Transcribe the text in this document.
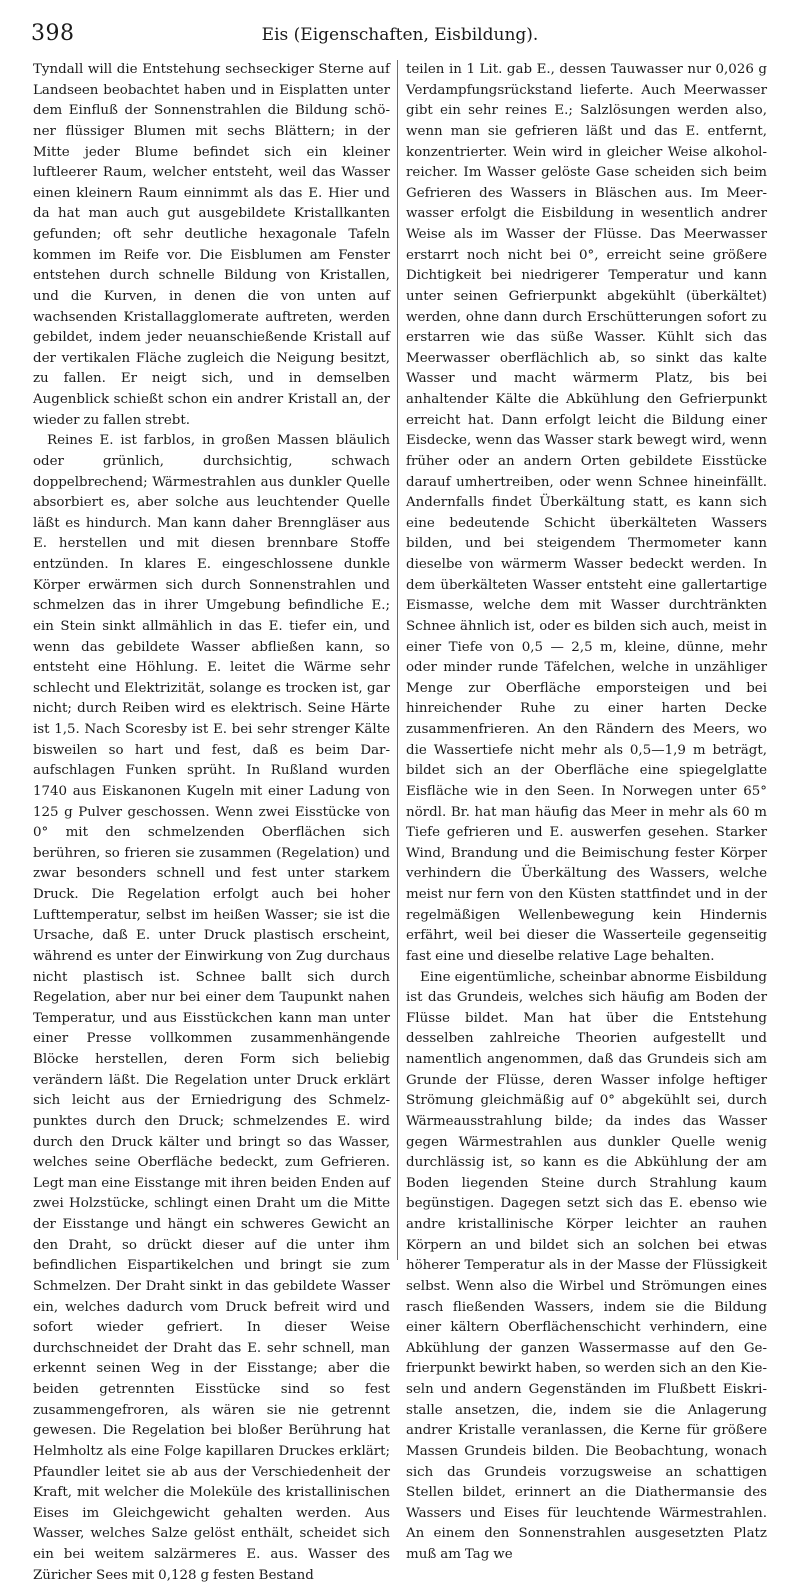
398	Eis (Eigenschaften, Eisbildung).

Tyndall will die Entstehung sechseckiger Sterne auf Landseen beobachtet haben und in Eisplatten unter dem Einfluß der Sonnenstrahlen die Bildung schöner flüssiger Blumen mit sechs Blättern; in der Mitte jeder Blume befindet sich ein kleiner luftleerer Raum, welcher entsteht, weil das Wasser einen kleinern Raum einnimmt als das E. Hier und da hat man auch gut ausgebildete Kristallkanten gefunden; oft sehr deutliche hexagonale Tafeln kommen im Reife vor. Die Eisblumen am Fenster entstehen durch schnelle Bildung von Kristallen, und die Kurven, in denen die von unten auf wachsenden Kristallagglomerate auftreten, werden gebildet, indem jeder neuanschießende Kristall auf der vertikalen Fläche zugleich die Neigung besitzt, zu fallen. Er neigt sich, und in demselben Augenblick schießt schon ein andrer Kristall an, der wieder zu fallen strebt.

Reines E. ist farblos, in großen Massen bläulich oder grünlich, durchsichtig, schwach doppelbrechend; Wärmestrahlen aus dunkler Quelle absorbiert es, aber solche aus leuchtender Quelle läßt es hindurch. Man kann daher Brenngläser aus E. herstellen und mit diesen brennbare Stoffe entzünden. In klares E. eingeschlossene dunkle Körper erwärmen sich durch Sonnenstrahlen und schmelzen das in ihrer Umgebung befindliche E.; ein Stein sinkt allmählich in das E. tiefer ein, und wenn das gebildete Wasser abfließen kann, so entsteht eine Höhlung. E. leitet die Wärme sehr schlecht und Elektrizität, solange es trocken ist, gar nicht; durch Reiben wird es elektrisch. Seine Härte ist 1,5. Nach Scoresby ist E. bei sehr strenger Kälte bisweilen so hart und fest, daß es beim Daraufschlagen Funken sprüht. In Rußland wurden 1740 aus Eiskanonen Kugeln mit einer Ladung von 125 g Pulver geschossen. Wenn zwei Eisstücke von 0° mit den schmelzenden Oberflächen sich berühren, so frieren sie zusammen (Regelation) und zwar besonders schnell und fest unter starkem Druck. Die Regelation erfolgt auch bei hoher Lufttemperatur, selbst im heißen Wasser; sie ist die Ursache, daß E. unter Druck plastisch erscheint, während es unter der Einwirkung von Zug durchaus nicht plastisch ist. Schnee ballt sich durch Regelation, aber nur bei einer dem Taupunkt nahen Temperatur, und aus Eisstückchen kann man unter einer Presse vollkommen zusammenhängende Blöcke herstellen, deren Form sich beliebig verändern läßt. Die Regelation unter Druck erklärt sich leicht aus der Erniedrigung des Schmelzpunktes durch den Druck; schmelzendes E. wird durch den Druck kälter und bringt so das Wasser, welches seine Oberfläche bedeckt, zum Gefrieren. Legt man eine Eisstange mit ihren beiden Enden auf zwei Holzstücke, schlingt einen Draht um die Mitte der Eisstange und hängt ein schweres Gewicht an den Draht, so drückt dieser auf die unter ihm befindlichen Eispartikelchen und bringt sie zum Schmelzen. Der Draht sinkt in das gebildete Wasser ein, welches dadurch vom Druck befreit wird und sofort wieder gefriert. In dieser Weise durchschneidet der Draht das E. sehr schnell, man erkennt seinen Weg in der Eisstange; aber die beiden getrennten Eisstücke sind so fest zusammengefroren, als wären sie nie getrennt gewesen. Die Regelation bei bloßer Berührung hat Helmholtz als eine Folge kapillaren Druckes erklärt; Pfaundler leitet sie ab aus der Verschiedenheit der Kraft, mit welcher die Moleküle des kristallinischen Eises im Gleichgewicht gehalten werden. Aus Wasser, welches Salze gelöst enthält, scheidet sich ein bei weitem salzärmeres E. aus. Wasser des Züricher Sees mit 0,128 g festen Bestand

teilen in 1 Lit. gab E., dessen Tauwasser nur 0,026 g Verdampfungsrückstand lieferte. Auch Meerwasser gibt ein sehr reines E.; Salzlösungen werden also, wenn man sie gefrieren läßt und das E. entfernt, konzentrierter. Wein wird in gleicher Weise alkoholreicher. Im Wasser gelöste Gase scheiden sich beim Gefrieren des Wassers in Bläschen aus. Im Meerwasser erfolgt die Eisbildung in wesentlich andrer Weise als im Wasser der Flüsse. Das Meerwasser erstarrt noch nicht bei 0°, erreicht seine größere Dichtigkeit bei niedrigerer Temperatur und kann unter seinen Gefrierpunkt abgekühlt (überkältet) werden, ohne dann durch Erschütterungen sofort zu erstarren wie das süße Wasser. Kühlt sich das Meerwasser oberflächlich ab, so sinkt das kalte Wasser und macht wärmerm Platz, bis bei anhaltender Kälte die Abkühlung den Gefrierpunkt erreicht hat. Dann erfolgt leicht die Bildung einer Eisdecke, wenn das Wasser stark bewegt wird, wenn früher oder an andern Orten gebildete Eisstücke darauf umhertreiben, oder wenn Schnee hineinfällt. Andernfalls findet Überkältung statt, es kann sich eine bedeutende Schicht überkälteten Wassers bilden, und bei steigendem Thermometer kann dieselbe von wärmerm Wasser bedeckt werden. In dem überkälteten Wasser entsteht eine gallertartige Eismasse, welche dem mit Wasser durchtränkten Schnee ähnlich ist, oder es bilden sich auch, meist in einer Tiefe von 0,5 — 2,5 m, kleine, dünne, mehr oder minder runde Täfelchen, welche in unzähliger Menge zur Oberfläche emporsteigen und bei hinreichender Ruhe zu einer harten Decke zusammenfrieren. An den Rändern des Meers, wo die Wassertiefe nicht mehr als 0,5—1,9 m beträgt, bildet sich an der Oberfläche eine spiegelglatte Eisfläche wie in den Seen. In Norwegen unter 65° nördl. Br. hat man häufig das Meer in mehr als 60 m Tiefe gefrieren und E. auswerfen gesehen. Starker Wind, Brandung und die Beimischung fester Körper verhindern die Überkältung des Wassers, welche meist nur fern von den Küsten stattfindet und in der regelmäßigen Wellenbewegung kein Hindernis erfährt, weil bei dieser die Wasserteile gegenseitig fast eine und dieselbe relative Lage behalten.

Eine eigentümliche, scheinbar abnorme Eisbildung ist das Grundeis, welches sich häufig am Boden der Flüsse bildet. Man hat über die Entstehung desselben zahlreiche Theorien aufgestellt und namentlich angenommen, daß das Grundeis sich am Grunde der Flüsse, deren Wasser infolge heftiger Strömung gleichmäßig auf 0° abgekühlt sei, durch Wärmeausstrahlung bilde; da indes das Wasser gegen Wärmestrahlen aus dunkler Quelle wenig durchlässig ist, so kann es die Abkühlung der am Boden liegenden Steine durch Strahlung kaum begünstigen. Dagegen setzt sich das E. ebenso wie andre kristallinische Körper leichter an rauhen Körpern an und bildet sich an solchen bei etwas höherer Temperatur als in der Masse der Flüssigkeit selbst. Wenn also die Wirbel und Strömungen eines rasch fließenden Wassers, indem sie die Bildung einer kältern Oberflächenschicht verhindern, eine Abkühlung der ganzen Wassermasse auf den Gefrierpunkt bewirkt haben, so werden sich an den Kieseln und andern Gegenständen im Flußbett Eiskristalle ansetzen, die, indem sie die Anlagerung andrer Kristalle veranlassen, die Kerne für größere Massen Grundeis bilden. Die Beobachtung, wonach sich das Grundeis vorzugsweise an schattigen Stellen bildet, erinnert an die Diathermansie des Wassers und Eises für leuchtende Wärmestrahlen. An einem den Sonnenstrahlen ausgesetzten Platz muß am Tag we
